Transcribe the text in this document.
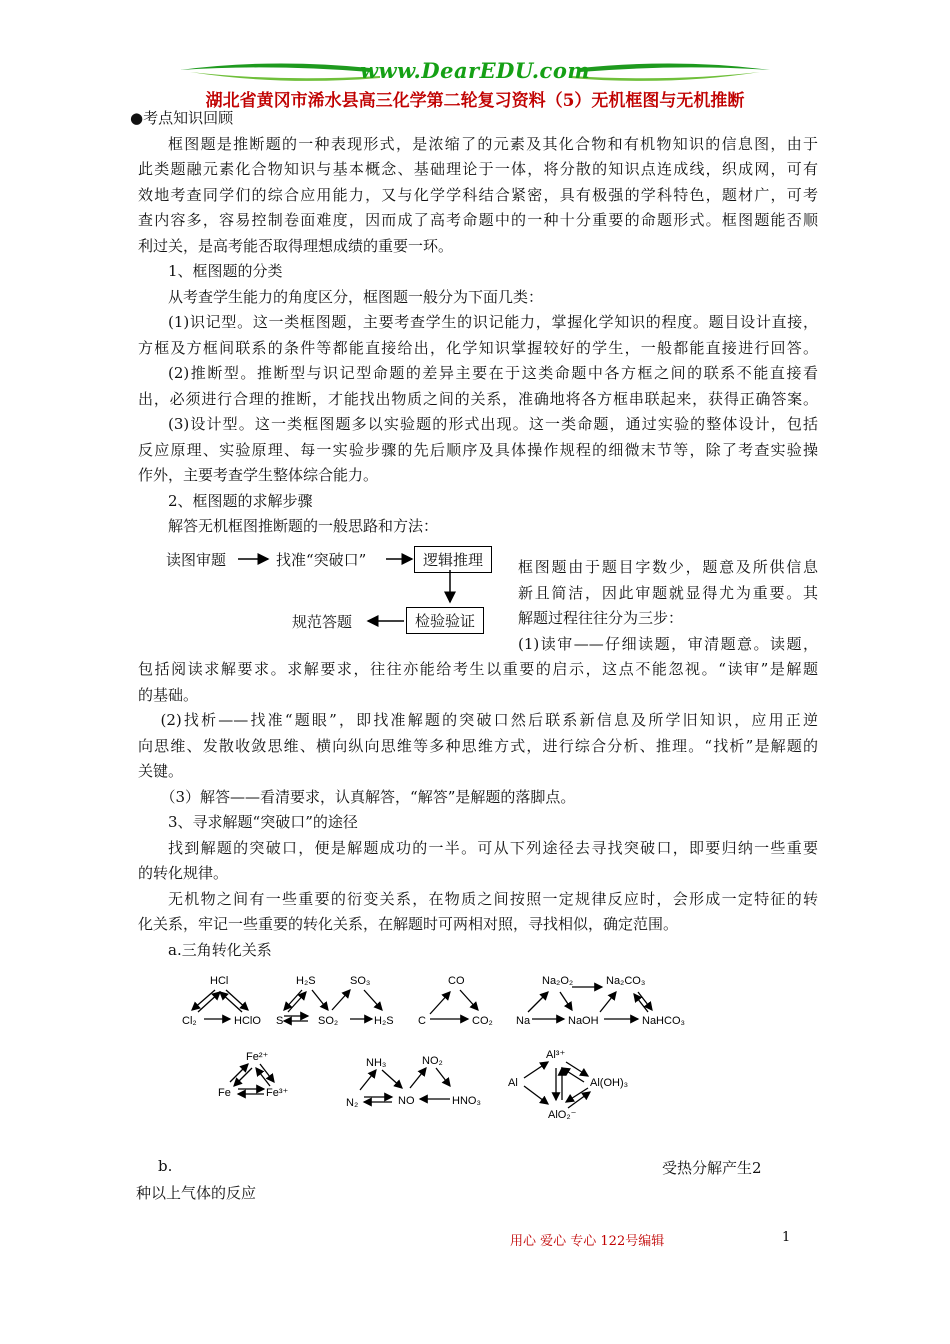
www.DearEDU.com
湖北省黄冈市浠水县高三化学第二轮复习资料（5）无机框图与无机推断
●考点知识回顾
框图题是推断题的一种表现形式，是浓缩了的元素及其化合物和有机物知识的信息图，由于
此类题融元素化合物知识与基本概念、基础理论于一体，将分散的知识点连成线，织成网，可有
效地考查同学们的综合应用能力，又与化学学科结合紧密，具有极强的学科特色，题材广，可考
查内容多，容易控制卷面难度，因而成了高考命题中的一种十分重要的命题形式。框图题能否顺
利过关，是高考能否取得理想成绩的重要一环。
1、框图题的分类
从考查学生能力的角度区分，框图题一般分为下面几类：
(1)识记型。这一类框图题，主要考查学生的识记能力，掌握化学知识的程度。题目设计直接，
方框及方框间联系的条件等都能直接给出，化学知识掌握较好的学生，一般都能直接进行回答。
(2)推断型。推断型与识记型命题的差异主要在于这类命题中各方框之间的联系不能直接看
出，必须进行合理的推断，才能找出物质之间的关系，准确地将各方框串联起来，获得正确答案。
(3)设计型。这一类框图题多以实验题的形式出现。这一类命题，通过实验的整体设计，包括
反应原理、实验原理、每一实验步骤的先后顺序及具体操作规程的细微末节等，除了考查实验操
作外，主要考查学生整体综合能力。
2、框图题的求解步骤
解答无机框图推断题的一般思路和方法：
读图审题	找准“突破口”	逻辑推理
检验验证
规范答题
框图题由于题目字数少，题意及所供信息
新且简洁，因此审题就显得尤为重要。其
解题过程往往分为三步：
(1)读审——仔细读题，审清题意。读题，
包括阅读求解要求。求解要求，往往亦能给考生以重要的启示，这点不能忽视。“读审”是解题
的基础。
(2)找析——找准“题眼”，即找准解题的突破口然后联系新信息及所学旧知识，应用正逆
向思维、发散收敛思维、横向纵向思维等多种思维方式，进行综合分析、推理。“找析”是解题的
关键。
（3）解答——看清要求，认真解答，“解答”是解题的落脚点。
3、寻求解题“突破口”的途径
找到解题的突破口，便是解题成功的一半。可从下列途径去寻找突破口，即要归纳一些重要
的转化规律。
无机物之间有一些重要的衍变关系，在物质之间按照一定规律反应时，会形成一定特征的转
化关系，牢记一些重要的转化关系，在解题时可两相对照，寻找相似，确定范围。
a.三角转化关系
HCl
Cl₂	HClO
H₂S	SO₃
S	SO₂	H₂S
CO
C	CO₂
Na₂O₂	Na₂CO₃
Na	NaOH	NaHCO₃
Fe²⁺
Fe	Fe³⁺
NH₃	NO₂
N₂	NO	HNO₃
Al³⁺
Al	Al(OH)₃
AlO₂⁻
b.	受热分解产生2
种以上气体的反应
用心 爱心 专心 122号编辑	1
